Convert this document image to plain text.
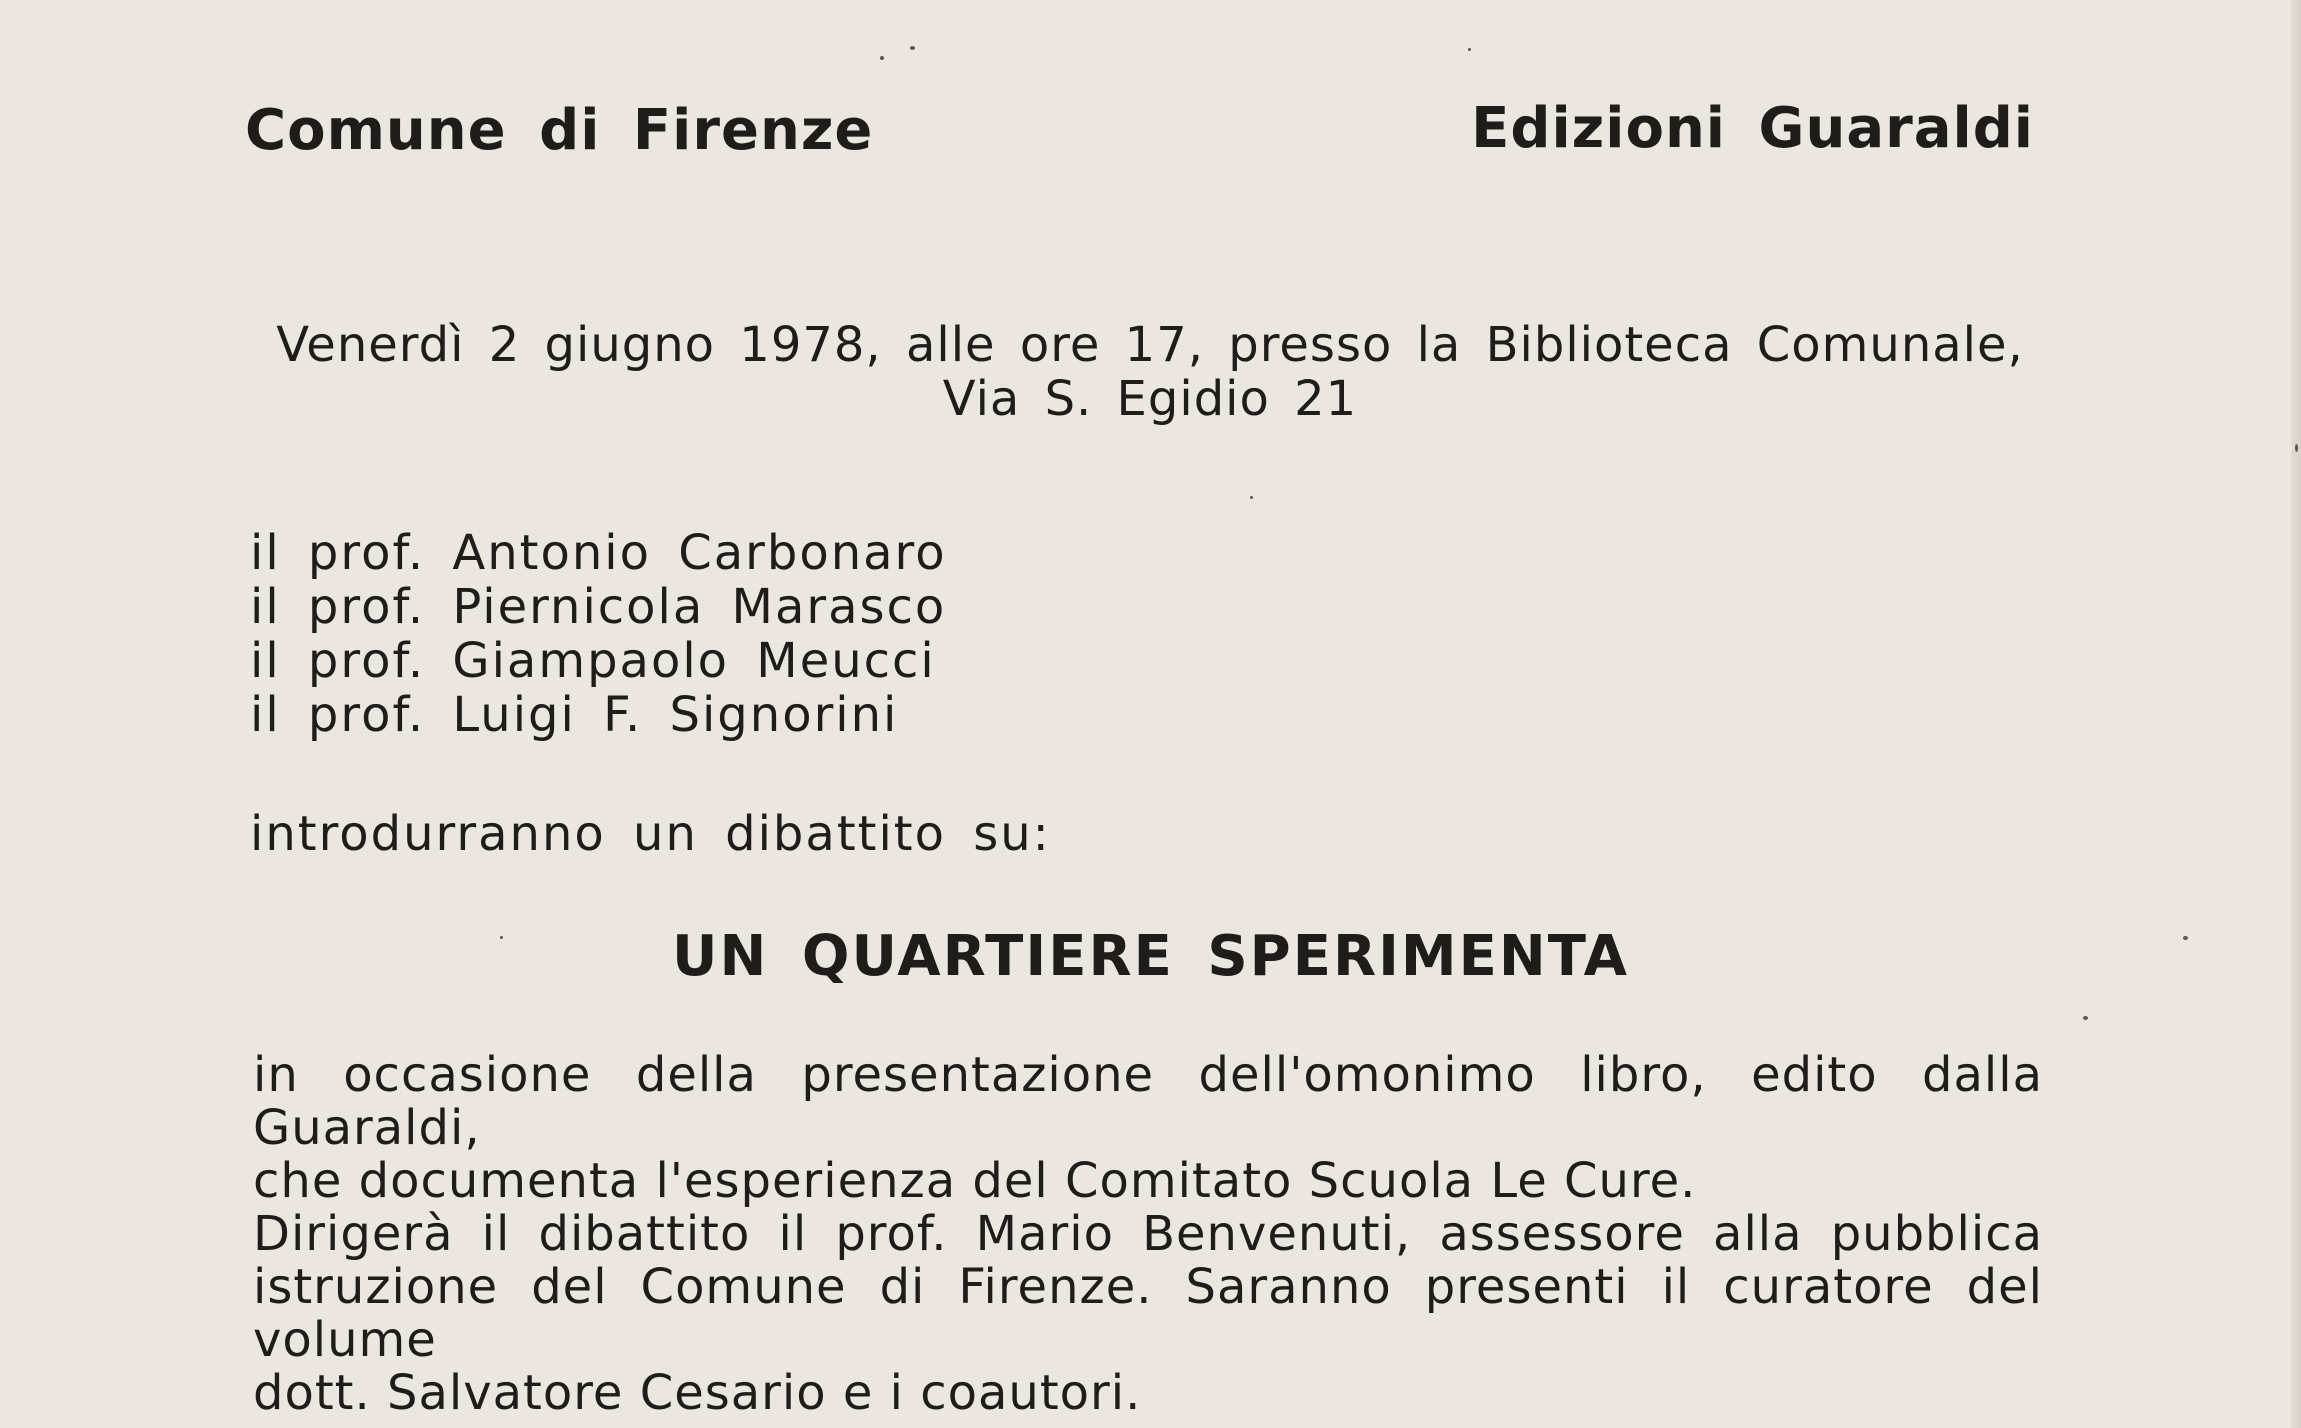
Comune di Firenze	Edizioni Guaraldi
Venerdì 2 giugno 1978, alle ore 17, presso la Biblioteca Comunale,
Via S. Egidio 21
il prof. Antonio Carbonaro
il prof. Piernicola Marasco
il prof. Giampaolo Meucci
il prof. Luigi F. Signorini
introdurranno un dibattito su:
UN QUARTIERE SPERIMENTA

in occasione della presentazione dell'omonimo libro, edito dalla Guaraldi,

che documenta l'esperienza del Comitato Scuola Le Cure.

Dirigerà il dibattito il prof. Mario Benvenuti, assessore alla pubblica

istruzione del Comune di Firenze. Saranno presenti il curatore del volume

dott. Salvatore Cesario e i coautori.
